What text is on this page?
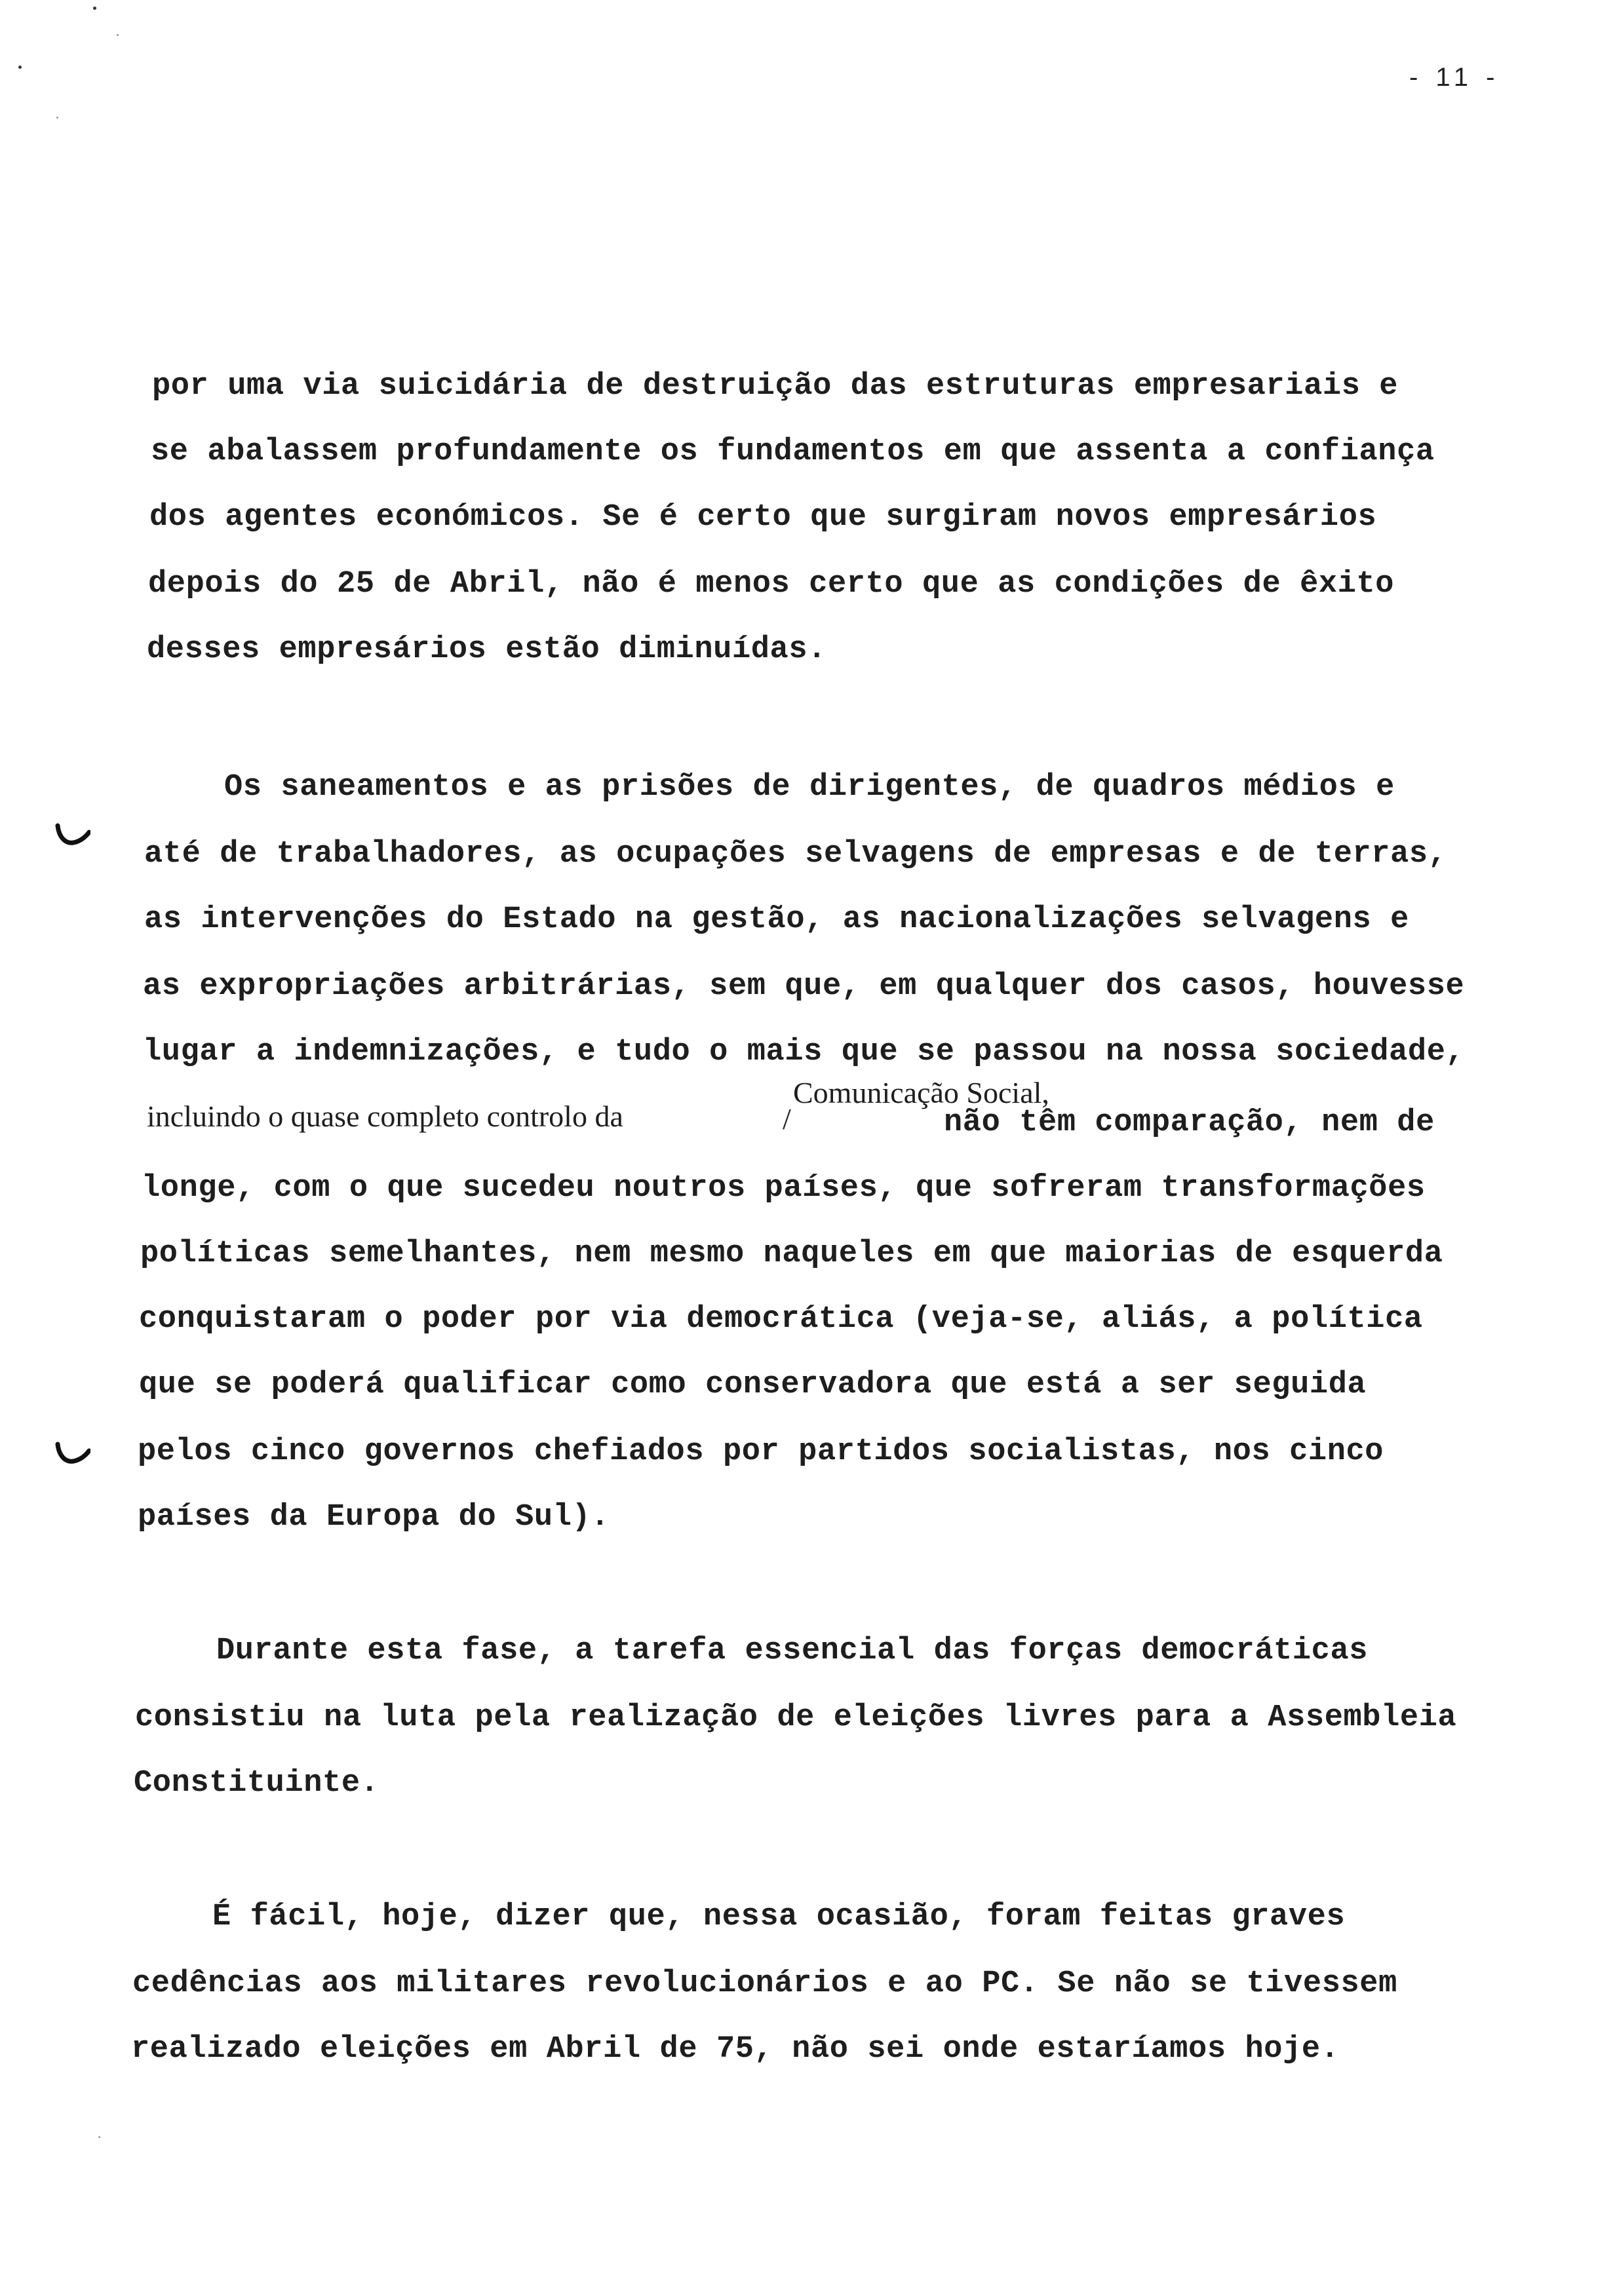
- 11 -
por uma via suicidária de destruição das estruturas empresariais e
se abalassem profundamente os fundamentos em que assenta a confiança
dos agentes económicos. Se é certo que surgiram novos empresários
depois do 25 de Abril, não é menos certo que as condições de êxito
desses empresários estão diminuídas.
Os saneamentos e as prisões de dirigentes, de quadros médios e
até de trabalhadores, as ocupações selvagens de empresas e de terras,
as intervenções do Estado na gestão, as nacionalizações selvagens e
as expropriações arbitrárias, sem que, em qualquer dos casos, houvesse
lugar a indemnizações, e tudo o mais que se passou na nossa sociedade,
Comunicação Social,
incluindo o quase completo controlo da	/	não têm comparação, nem de
longe, com o que sucedeu noutros países, que sofreram transformações
políticas semelhantes, nem mesmo naqueles em que maiorias de esquerda
conquistaram o poder por via democrática (veja-se, aliás, a política
que se poderá qualificar como conservadora que está a ser seguida
pelos cinco governos chefiados por partidos socialistas, nos cinco
países da Europa do Sul).
Durante esta fase, a tarefa essencial das forças democráticas
consistiu na luta pela realização de eleições livres para a Assembleia
Constituinte.
É fácil, hoje, dizer que, nessa ocasião, foram feitas graves
cedências aos militares revolucionários e ao PC. Se não se tivessem
realizado eleições em Abril de 75, não sei onde estaríamos hoje.
